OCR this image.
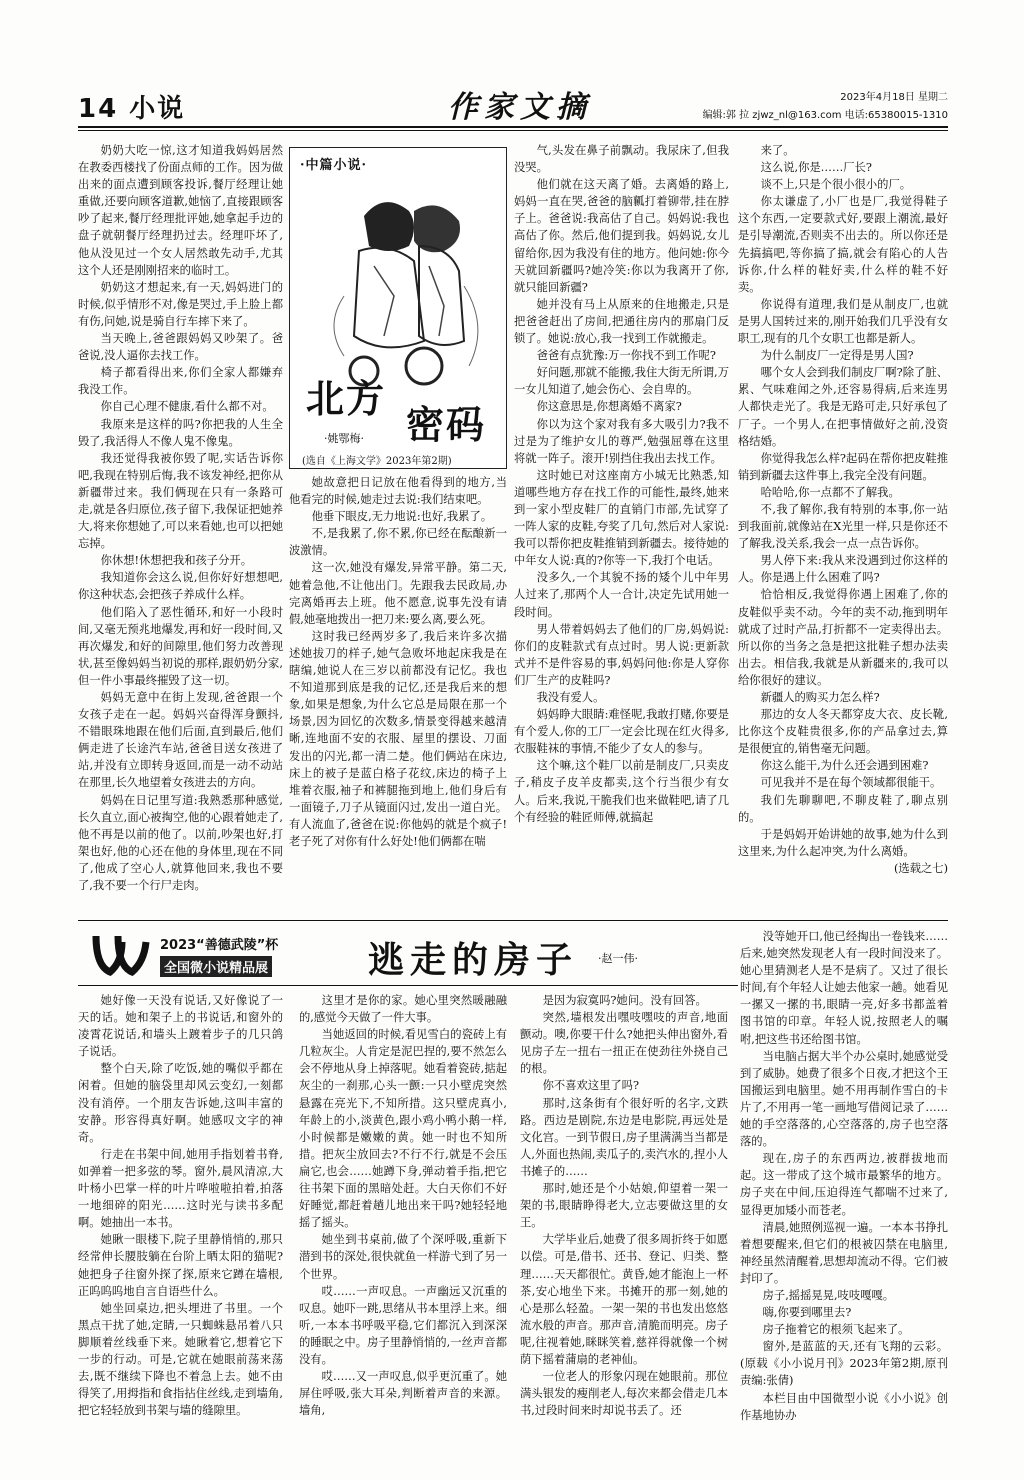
14 小说	作家文摘	2023年4月18日 星期二
编辑:郭 拉 zjwz_nl@163.com 电话:65380015-1310

奶奶大吃一惊,这才知道我妈妈居然在教委西楼找了份面点师的工作。因为做出来的面点遭到顾客投诉,餐厅经理让她重做,还要向顾客道歉,她恼了,直接跟顾客吵了起来,餐厅经理批评她,她拿起手边的盘子就朝餐厅经理扔过去。经理吓坏了,他从没见过一个女人居然敢先动手,尤其这个人还是刚刚招来的临时工。

奶奶这才想起来,有一天,妈妈进门的时候,似乎情形不对,像是哭过,手上脸上都有伤,问她,说是骑自行车摔下来了。

当天晚上,爸爸跟妈妈又吵架了。爸爸说,没人逼你去找工作。

椅子都看得出来,你们全家人都嫌弃我没工作。

你自己心理不健康,看什么都不对。

我原来是这样的吗?你把我的人生全毁了,我活得人不像人鬼不像鬼。

我还觉得我被你毁了呢,实话告诉你吧,我现在特别后悔,我不该发神经,把你从新疆带过来。我们俩现在只有一条路可走,就是各归原位,孩子留下,我保证把她养大,将来你想她了,可以来看她,也可以把她忘掉。

你休想!休想把我和孩子分开。

我知道你会这么说,但你好好想想吧,你这种状态,会把孩子养成什么样。

他们陷入了恶性循环,和好一小段时间,又毫无预兆地爆发,再和好一段时间,又再次爆发,和好的间隙里,他们努力改善现状,甚至像妈妈当初说的那样,跟奶奶分家,但一件小事最终摧毁了这一切。

妈妈无意中在街上发现,爸爸跟一个女孩子走在一起。妈妈兴奋得浑身颤抖,不错眼珠地跟在他们后面,直到最后,他们俩走进了长途汽车站,爸爸目送女孩进了站,并没有立即转身返回,而是一动不动站在那里,长久地望着女孩进去的方向。

妈妈在日记里写道:我熟悉那种感觉,长久直立,面心被掏空,他的心跟着她走了,他不再是以前的他了。以前,吵架也好,打架也好,他的心还在他的身体里,现在不同了,他成了空心人,就算他回来,我也不要了,我不要一个行尸走肉。

·中篇小说·
北方
密码
·姚鄂梅·
(选自《上海文学》2023年第2期)

她故意把日记放在他看得到的地方,当他看完的时候,她走过去说:我们结束吧。

他垂下眼皮,无力地说:也好,我累了。

不,是我累了,你不累,你已经在酝酿新一波激情。

这一次,她没有爆发,异常平静。第二天,她着急他,不让他出门。先跟我去民政局,办完离婚再去上班。他不愿意,说事先没有请假,她毫地拨出一把刀来:要么离,要么死。

这时我已经两岁多了,我后来许多次描述她拔刀的样子,她气急败坏地起床我是在瞎编,她说人在三岁以前都没有记忆。我也不知道那到底是我的记忆,还是我后来的想象,如果是想象,为什么它总是局限在那一个场景,因为回忆的次数多,情景变得越来越清晰,连地面不安的衣服、屋里的摆设、刀面发出的闪光,都一清二楚。他们俩站在床边,床上的被子是蓝白格子花纹,床边的椅子上堆着衣服,袖子和裤腿拖到地上,他们身后有一面镜子,刀子从镜面闪过,发出一道白光。有人流血了,爸爸在说:你他妈的就是个疯子!老子死了对你有什么好处!他们俩都在喘

气,头发在鼻子前飘动。我尿床了,但我没哭。

他们就在这天离了婚。去离婚的路上,妈妈一直在哭,爸爸的脑瓤打着铆带,挂在脖子上。爸爸说:我高估了自己。妈妈说:我也高估了你。然后,他们提到我。妈妈说,女儿留给你,因为我没有住的地方。他问她:你今天就回新疆吗?她冷笑:你以为我离开了你,就只能回新疆?

她并没有马上从原来的住地搬走,只是把爸爸赶出了房间,把通往房内的那扇门反锁了。她说:放心,我一找到工作就搬走。

爸爸有点犹豫:万一你找不到工作呢?

好问题,那就不能搬,我住大街无所谓,万一女儿知道了,她会伤心、会自卑的。

你这意思是,你想离婚不离家?

你以为这个家对我有多大吸引力?我不过是为了维护女儿的尊严,勉强屈尊在这里将就一阵子。滚开!别挡住我出去找工作。

这时她已对这座南方小城无比熟悉,知道哪些地方存在找工作的可能性,最终,她来到一家小型皮鞋厂的直销门市部,先试穿了一阵人家的皮鞋,夸奖了几句,然后对人家说:我可以帮你把皮鞋推销到新疆去。接待她的中年女人说:真的?你等一下,我打个电话。

没多久,一个其貌不扬的矮个儿中年男人过来了,那两个人一合计,决定先试用她一段时间。

男人带着妈妈去了他们的厂房,妈妈说:你们的皮鞋款式有点过时。男人说:更新款式并不是件容易的事,妈妈问他:你是人穿你们厂生产的皮鞋吗?

我没有爱人。

妈妈睁大眼睛:难怪呢,我敢打赌,你要是有个爱人,你的工厂一定会比现在红火得多,衣服鞋袜的事情,不能少了女人的参与。

这个嘛,这个鞋厂以前是制皮厂,只卖皮子,稍皮子皮羊皮都卖,这个行当很少有女人。后来,我说,干脆我们也来做鞋吧,请了几个有经验的鞋匠师傅,就搞起

来了。

这么说,你是……厂长?

谈不上,只是个很小很小的厂。

你太谦虚了,小厂也是厂,我觉得鞋子这个东西,一定要款式好,要跟上潮流,最好是引导潮流,否则卖不出去的。所以你还是先搞搞吧,等你搞了搞,就会有陷心的人告诉你,什么样的鞋好卖,什么样的鞋不好卖。

你说得有道理,我们是从制皮厂,也就是男人国转过来的,刚开始我们几乎没有女职工,现有的几个女职工也都是新人。

为什么制皮厂一定得是男人国?

哪个女人会到我们制皮厂啊?除了脏、累、气味难闻之外,还容易得病,后来连男人都快走光了。我是无路可走,只好承包了厂子。一个男人,在把事情做好之前,没资格结婚。

你觉得我怎么样?起码在帮你把皮鞋推销到新疆去这件事上,我完全没有问题。

哈哈哈,你一点都不了解我。

不,我了解你,我有特别的本事,你一站到我面前,就像站在X光里一样,只是你还不了解我,没关系,我会一点一点告诉你。

男人停下来:我从来没遇到过你这样的人。你是遇上什么困难了吗?

恰恰相反,我觉得你遇上困难了,你的皮鞋似乎卖不动。今年的卖不动,拖到明年就成了过时产品,打折都不一定卖得出去。所以你的当务之急是把这批鞋子想办法卖出去。相信我,我就是从新疆来的,我可以给你很好的建议。

新疆人的购买力怎么样?

那边的女人冬天都穿皮大衣、皮长靴,比你这个皮鞋贵很多,你的产品拿过去,算是很便宜的,销售毫无问题。

你这么能干,为什么还会遇到困难?

可见我并不是在每个领域都很能干。

我们先聊聊吧,不聊皮鞋了,聊点别的。

于是妈妈开始讲她的故事,她为什么到这里来,为什么起冲突,为什么离婚。

(选载之七)

2023“善德武陵”杯
全国微小说精品展	逃走的房子 ·赵一伟·

她好像一天没有说话,又好像说了一天的话。她和架子上的书说话,和窗外的凌霄花说话,和墙头上踱着步子的几只鸽子说话。

整个白天,除了吃饭,她的嘴似乎都在闲着。但她的脑袋里却风云变幻,一刻都没有消停。一个朋友告诉她,这叫丰富的安静。形容得真好啊。她感叹文字的神奇。

行走在书架中间,她用手指划着书脊,如弹着一把多弦的琴。窗外,晨风清凉,大叶杨小巴掌一样的叶片哗啦啦拍着,拍落一地细碎的阳光……这时光与读书多配啊。她抽出一本书。

她瞅一眼楼下,院子里静悄悄的,那只经常伸长腰肢躺在台阶上晒太阳的猫呢?她把身子往窗外探了探,原来它蹲在墙根,正呜呜呜地自言自语些什么。

她坐回桌边,把头埋进了书里。一个黑点干扰了她,定睛,一只蜘蛛悬吊着八只脚顺着丝线垂下来。她瞅着它,想着它下一步的行动。可是,它就在她眼前荡来荡去,既不继续下降也不着急上去。她不由得笑了,用拇指和食指拈住丝线,走到墙角,把它轻轻放到书架与墙的缝隙里。

这里才是你的家。她心里突然暖融融的,感觉今天做了一件大事。

当她返回的时候,看见雪白的瓷砖上有几粒灰尘。人肯定是泥巴捏的,要不然怎么会不停地从身上掉落呢。她看着瓷砖,掂起灰尘的一刹那,心头一颤:一只小壁虎突然悬露在亮光下,不知所措。这只壁虎真小,年龄上的小,淡黄色,跟小鸡小鸭小鹅一样,小时候都是嫩嫩的黄。她一时也不知所措。把灰尘放回去?不行不行,就是不会压扁它,也会……她蹲下身,弹动着手指,把它往书架下面的黑暗处赶。大白天你们不好好睡觉,都赶着趟儿地出来干吗?她轻轻地摇了摇头。

她坐到书桌前,做了个深呼吸,重新下潜到书的深处,很快就鱼一样游弋到了另一个世界。

哎……一声叹息。一声幽远又沉重的叹息。她吓一跳,思绪从书本里浮上来。细听,一本本书呼吸平稳,它们都沉入到深深的睡眠之中。房子里静悄悄的,一丝声音都没有。

哎……又一声叹息,似乎更沉重了。她屏住呼吸,张大耳朵,判断着声音的来源。墙角,

是因为寂寞吗?她问。没有回答。

突然,墙根发出嘿吱嘿吱的声音,地面颤动。噢,你要干什么?她把头伸出窗外,看见房子左一扭右一扭正在使劲往外挠自己的根。

你不喜欢这里了吗?

那时,这条街有个很好听的名字,文跌路。西边是剧院,东边是电影院,再远处是文化宫。一到节假日,房子里满满当当都是人,外面也热闹,卖瓜子的,卖汽水的,捏小人书摊子的……

那时,她还是个小姑娘,仰望着一架一架的书,眼睛睁得老大,立志要做这里的女王。

大学毕业后,她费了很多周折终于如愿以偿。可是,借书、还书、登记、归类、整理……天天都很忙。黄昏,她才能泡上一杯茶,安心地坐下来。书摊开的那一刻,她的心是那么轻盈。一架一架的书也发出悠悠流水般的声音。那声音,清脆而明亮。房子呢,往视着她,眯眯笑着,慈祥得就像一个树荫下摇着蒲扇的老神仙。

一位老人的形象闪现在她眼前。那位满头银发的瘦削老人,每次来都会借走几本书,过段时间来时却说书丢了。还

没等她开口,他已经掏出一卷钱来……后来,她突然发现老人有一段时间没来了。她心里猜测老人是不是病了。又过了很长时间,有个年轻人让她去他家一趟。她看见一摞又一摞的书,眼睛一亮,好多书都盖着图书馆的印章。年轻人说,按照老人的嘱咐,把这些书还给图书馆。

当电脑占据大半个办公桌时,她感觉受到了威胁。她费了很多个日夜,才把这个王国搬运到电脑里。她不用再制作雪白的卡片了,不用再一笔一画地写借阅记录了……她的手空落落的,心空落落的,房子也空落落的。

现在,房子的东西两边,被群拔地而起。这一带成了这个城市最繁华的地方。房子夹在中间,压迫得连气都喘不过来了,显得更加矮小而苍老。

清晨,她照例巡视一遍。一本本书挣扎着想要醒来,但它们的根被囚禁在电脑里,神经虽然清醒着,思想却流动不得。它们被封印了。

房子,摇摇晃晃,吱吱嘎嘎。

嗨,你要到哪里去?

房子拖着它的根须飞起来了。

窗外,是蓝蓝的天,还有飞翔的云彩。(原载《小小说月刊》2023年第2期,原刊责编:张倩)

本栏目由中国微型小说《小小说》创作基地协办
